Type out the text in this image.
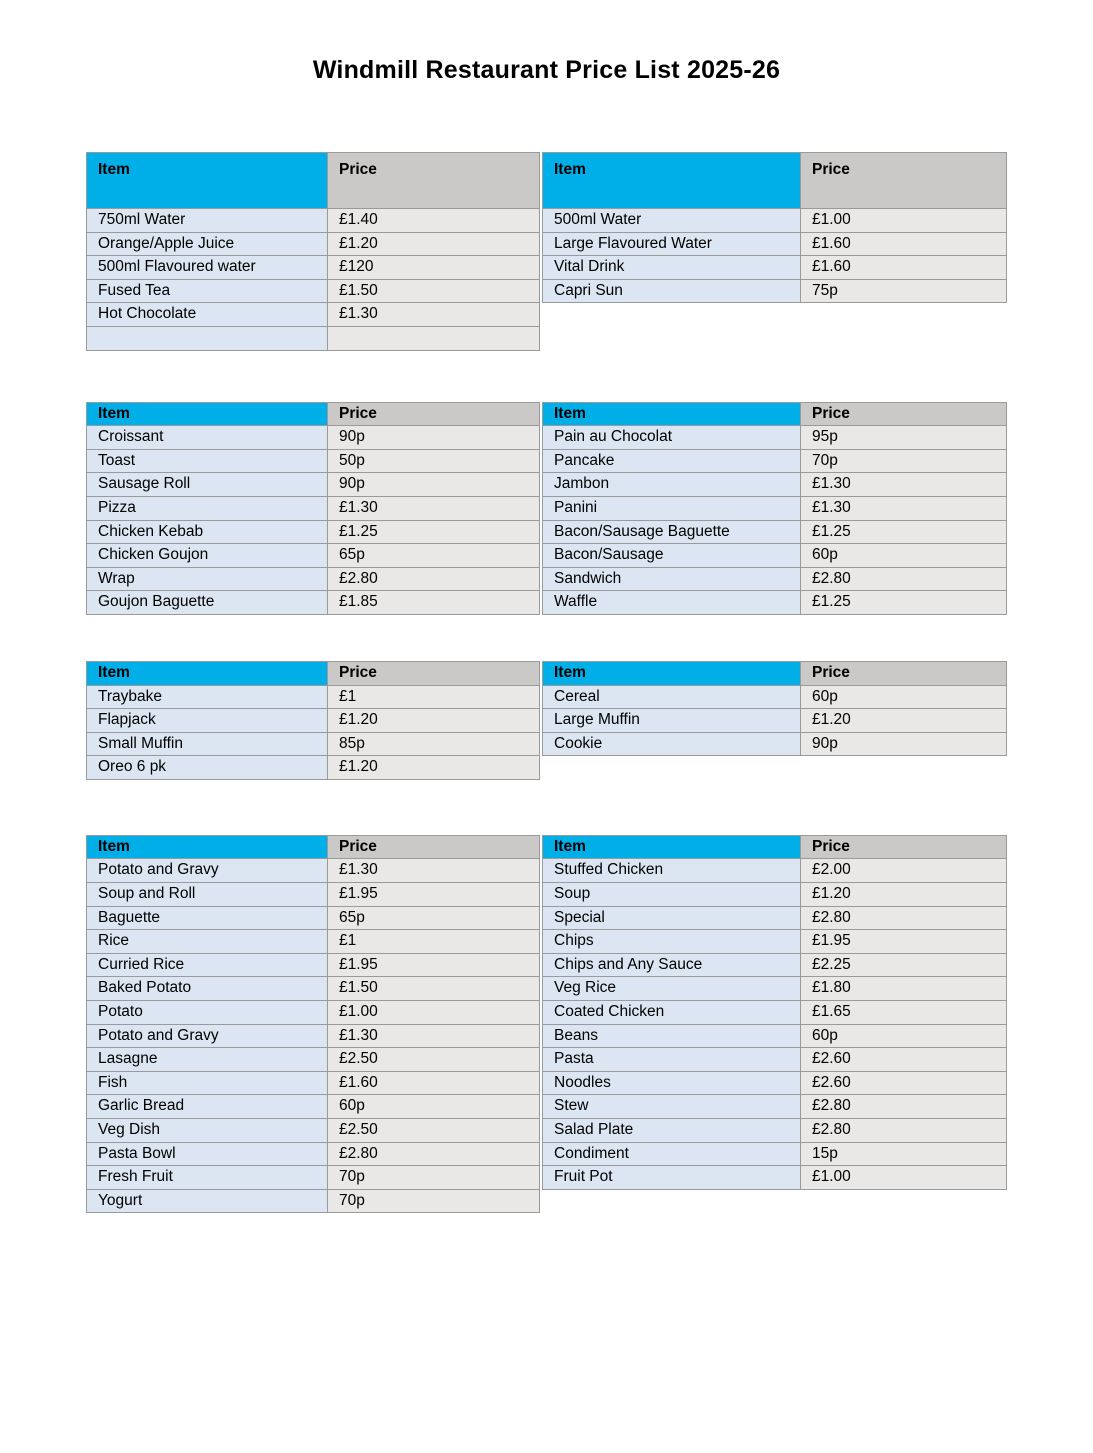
Windmill Restaurant Price List 2025-26
Item	Price
750ml Water	£1.40
Orange/Apple Juice	£1.20
500ml Flavoured water	£120
Fused Tea	£1.50
Hot Chocolate	£1.30

Item	Price
500ml Water	£1.00
Large Flavoured Water	£1.60
Vital Drink	£1.60
Capri Sun	75p
Item	Price
Croissant	90p
Toast	50p
Sausage Roll	90p
Pizza	£1.30
Chicken Kebab	£1.25
Chicken Goujon	65p
Wrap	£2.80
Goujon Baguette	£1.85
Item	Price
Pain au Chocolat	95p
Pancake	70p
Jambon	£1.30
Panini	£1.30
Bacon/Sausage Baguette	£1.25
Bacon/Sausage	60p
Sandwich	£2.80
Waffle	£1.25
Item	Price
Traybake	£1
Flapjack	£1.20
Small Muffin	85p
Oreo 6 pk	£1.20
Item	Price
Cereal	60p
Large Muffin	£1.20
Cookie	90p
Item	Price
Potato and Gravy	£1.30
Soup and Roll	£1.95
Baguette	65p
Rice	£1
Curried Rice	£1.95
Baked Potato	£1.50
Potato	£1.00
Potato and Gravy	£1.30
Lasagne	£2.50
Fish	£1.60
Garlic Bread	60p
Veg Dish	£2.50
Pasta Bowl	£2.80
Fresh Fruit	70p
Yogurt	70p
Item	Price
Stuffed Chicken	£2.00
Soup	£1.20
Special	£2.80
Chips	£1.95
Chips and Any Sauce	£2.25
Veg Rice	£1.80
Coated Chicken	£1.65
Beans	60p
Pasta	£2.60
Noodles	£2.60
Stew	£2.80
Salad Plate	£2.80
Condiment	15p
Fruit Pot	£1.00
